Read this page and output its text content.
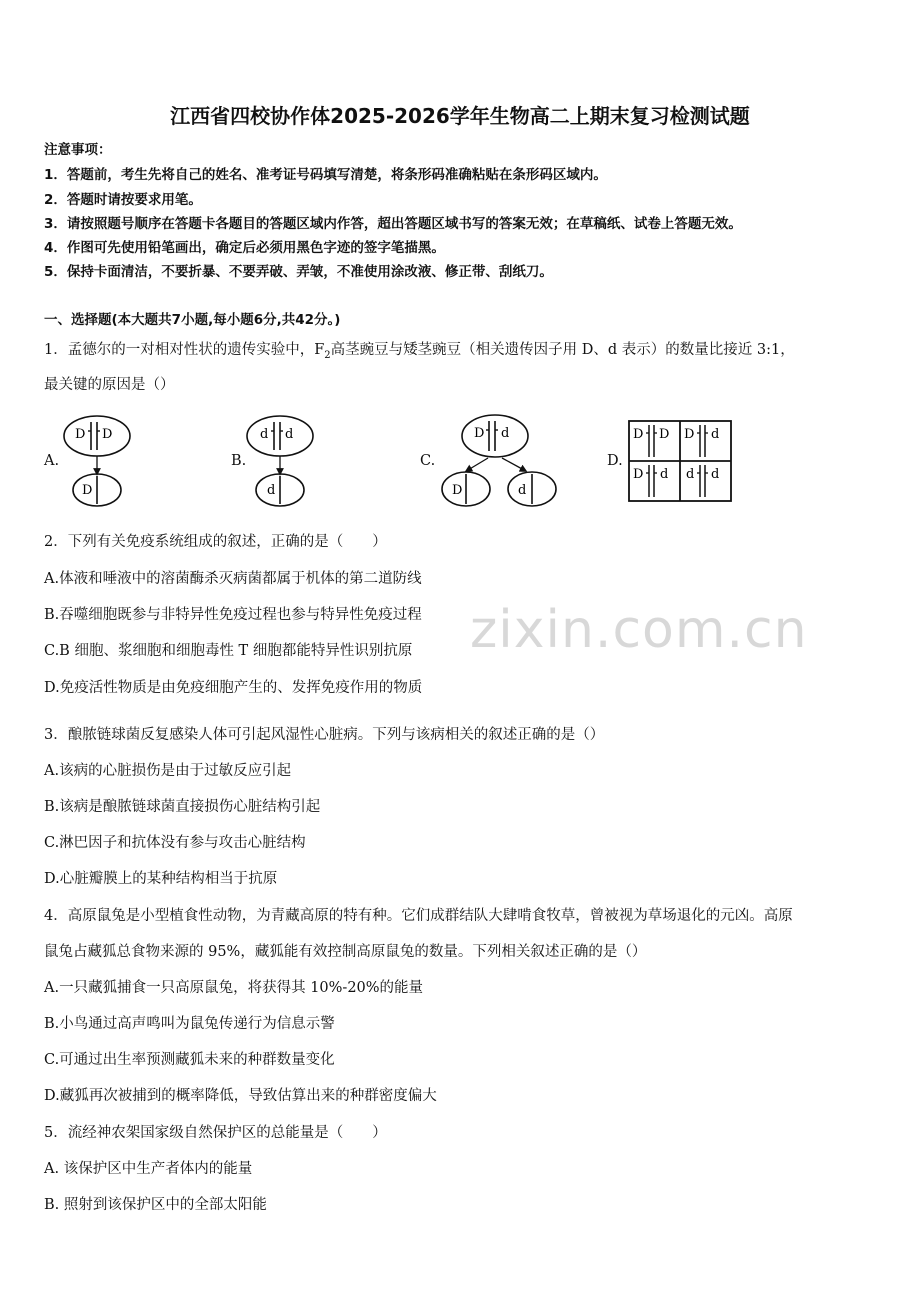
zixin.com.cn
江西省四校协作体2025-2026学年生物高二上期末复习检测试题
注意事项：
1．答题前，考生先将自己的姓名、准考证号码填写清楚，将条形码准确粘贴在条形码区域内。
2．答题时请按要求用笔。
3．请按照题号顺序在答题卡各题目的答题区域内作答，超出答题区域书写的答案无效；在草稿纸、试卷上答题无效。
4．作图可先使用铅笔画出，确定后必须用黑色字迹的签字笔描黑。
5．保持卡面清洁，不要折暴、不要弄破、弄皱，不准使用涂改液、修正带、刮纸刀。
一、选择题(本大题共7小题,每小题6分,共42分。)
1．孟德尔的一对相对性状的遗传实验中，$F_2$高茎豌豆与矮茎豌豆（相关遗传因子用 D、d 表示）的数量比接近 3:1，
最关键的原因是（）
A.	B.	C.	D.
D D
D
d d
d
D d
D	d
D D D d
D d d d
2．下列有关免疫系统组成的叙述，正确的是（　　）
A.体液和唾液中的溶菌酶杀灭病菌都属于机体的第二道防线
B.吞噬细胞既参与非特异性免疫过程也参与特异性免疫过程
C.B 细胞、浆细胞和细胞毒性 T 细胞都能特异性识别抗原
D.免疫活性物质是由免疫细胞产生的、发挥免疫作用的物质
3．酿脓链球菌反复感染人体可引起风湿性心脏病。下列与该病相关的叙述正确的是（）
A.该病的心脏损伤是由于过敏反应引起
B.该病是酿脓链球菌直接损伤心脏结构引起
C.淋巴因子和抗体没有参与攻击心脏结构
D.心脏瓣膜上的某种结构相当于抗原
4．高原鼠兔是小型植食性动物，为青藏高原的特有种。它们成群结队大肆啃食牧草，曾被视为草场退化的元凶。高原
鼠兔占藏狐总食物来源的 95%，藏狐能有效控制高原鼠兔的数量。下列相关叙述正确的是（）
A.一只藏狐捕食一只高原鼠兔，将获得其 10%-20%的能量
B.小鸟通过高声鸣叫为鼠兔传递行为信息示警
C.可通过出生率预测藏狐未来的种群数量变化
D.藏狐再次被捕到的概率降低，导致估算出来的种群密度偏大
5．流经神农架国家级自然保护区的总能量是（　　）
A. 该保护区中生产者体内的能量
B. 照射到该保护区中的全部太阳能
